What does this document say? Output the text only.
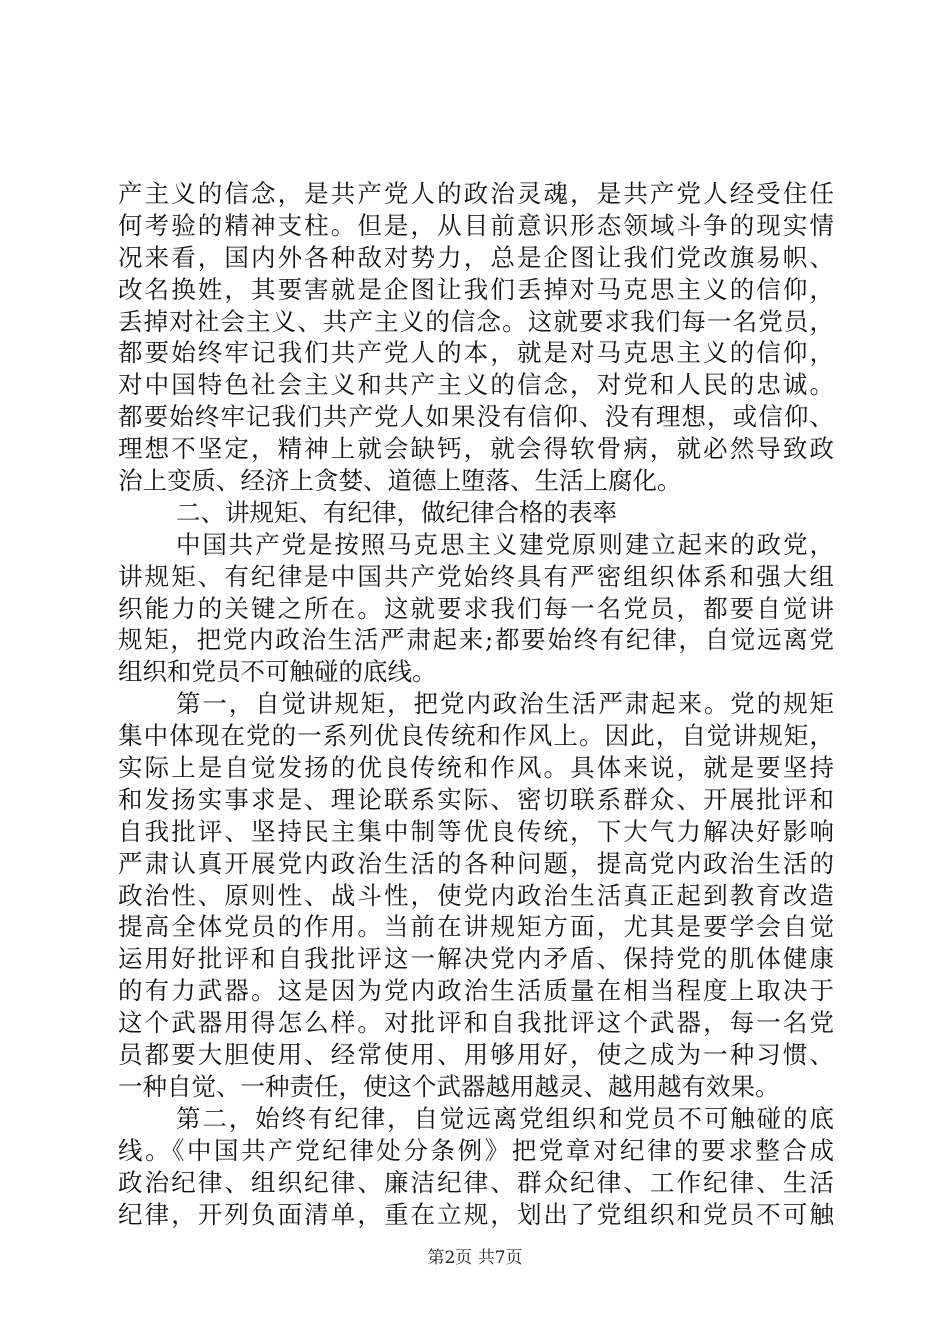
产主义的信念，是共产党人的政治灵魂，是共产党人经受住任
何考验的精神支柱。但是，从目前意识形态领域斗争的现实情
况来看，国内外各种敌对势力，总是企图让我们党改旗易帜、
改名换姓，其要害就是企图让我们丢掉对马克思主义的信仰，
丢掉对社会主义、共产主义的信念。这就要求我们每一名党员，
都要始终牢记我们共产党人的本，就是对马克思主义的信仰，
对中国特色社会主义和共产主义的信念，对党和人民的忠诚。
都要始终牢记我们共产党人如果没有信仰、没有理想，或信仰、
理想不坚定，精神上就会缺钙，就会得软骨病，就必然导致政
治上变质、经济上贪婪、道德上堕落、生活上腐化。
二、讲规矩、有纪律，做纪律合格的表率
中国共产党是按照马克思主义建党原则建立起来的政党，
讲规矩、有纪律是中国共产党始终具有严密组织体系和强大组
织能力的关键之所在。这就要求我们每一名党员，都要自觉讲
规矩，把党内政治生活严肃起来;都要始终有纪律，自觉远离党
组织和党员不可触碰的底线。
第一，自觉讲规矩，把党内政治生活严肃起来。党的规矩
集中体现在党的一系列优良传统和作风上。因此，自觉讲规矩，
实际上是自觉发扬的优良传统和作风。具体来说，就是要坚持
和发扬实事求是、理论联系实际、密切联系群众、开展批评和
自我批评、坚持民主集中制等优良传统，下大气力解决好影响
严肃认真开展党内政治生活的各种问题，提高党内政治生活的
政治性、原则性、战斗性，使党内政治生活真正起到教育改造
提高全体党员的作用。当前在讲规矩方面，尤其是要学会自觉
运用好批评和自我批评这一解决党内矛盾、保持党的肌体健康
的有力武器。这是因为党内政治生活质量在相当程度上取决于
这个武器用得怎么样。对批评和自我批评这个武器，每一名党
员都要大胆使用、经常使用、用够用好，使之成为一种习惯、
一种自觉、一种责任，使这个武器越用越灵、越用越有效果。
第二，始终有纪律，自觉远离党组织和党员不可触碰的底
线。《中国共产党纪律处分条例》把党章对纪律的要求整合成
政治纪律、组织纪律、廉洁纪律、群众纪律、工作纪律、生活
纪律，开列负面清单，重在立规，划出了党组织和党员不可触
第2页 共7页
